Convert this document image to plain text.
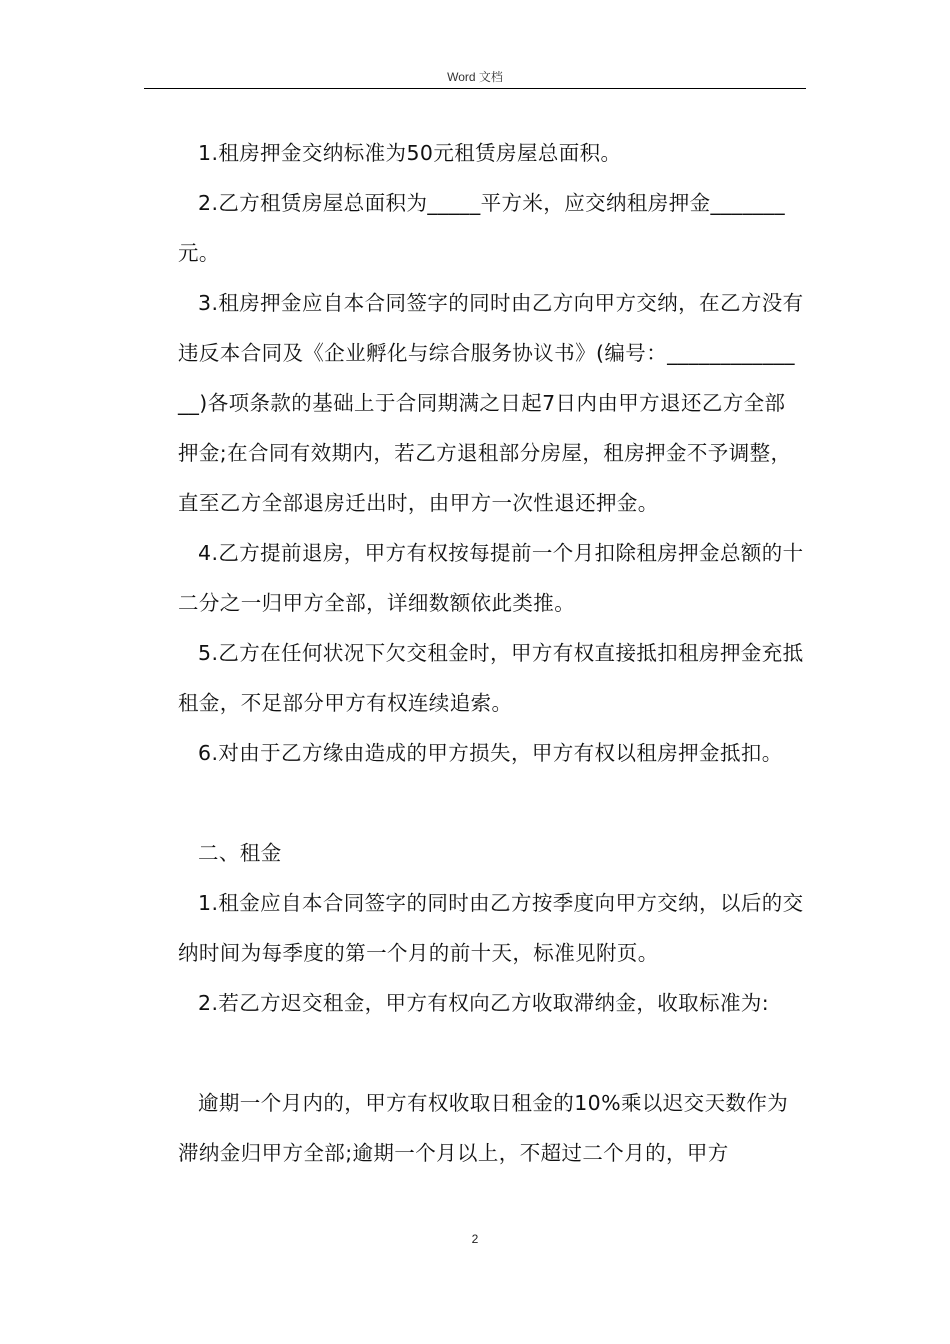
Word 文档

1.租房押金交纳标准为50元租赁房屋总面积。

2.乙方租赁房屋总面积为_____平方米，应交纳租房押金_______元。

3.租房押金应自本合同签字的同时由乙方向甲方交纳，在乙方没有违反本合同及《企业孵化与综合服务协议书》(编号：______________)各项条款的基础上于合同期满之日起7日内由甲方退还乙方全部押金;在合同有效期内，若乙方退租部分房屋，租房押金不予调整，直至乙方全部退房迁出时，由甲方一次性退还押金。

4.乙方提前退房，甲方有权按每提前一个月扣除租房押金总额的十二分之一归甲方全部，详细数额依此类推。

5.乙方在任何状况下欠交租金时，甲方有权直接抵扣租房押金充抵租金，不足部分甲方有权连续追索。

6.对由于乙方缘由造成的甲方损失，甲方有权以租房押金抵扣。

二、租金

1.租金应自本合同签字的同时由乙方按季度向甲方交纳，以后的交纳时间为每季度的第一个月的前十天，标准见附页。

2.若乙方迟交租金，甲方有权向乙方收取滞纳金，收取标准为:

逾期一个月内的，甲方有权收取日租金的10%乘以迟交天数作为滞纳金归甲方全部;逾期一个月以上，不超过二个月的，甲方

2
